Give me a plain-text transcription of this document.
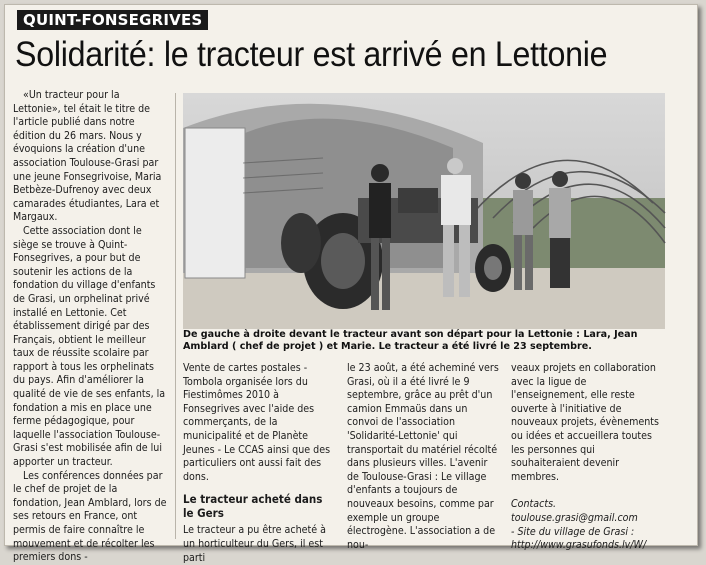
QUINT-FONSEGRIVES
Solidarité: le tracteur est arrivé en Lettonie

«Un tracteur pour la Lettonie», tel était le titre de l'article publié dans notre édition du 26 mars. Nous y évoquions la création d'une association Toulouse-Grasi par une jeune Fonsegrivoise, Maria Betbèze-Dufrenoy avec deux camarades étudiantes, Lara et Margaux.

Cette association dont le siège se trouve à Quint-Fonsegrives, a pour but de soutenir les actions de la fondation du village d'enfants de Grasi, un orphelinat privé installé en Lettonie. Cet établissement dirigé par des Français, obtient le meilleur taux de réussite scolaire par rapport à tous les orphelinats du pays. Afin d'améliorer la qualité de vie de ses enfants, la fondation a mis en place une ferme pédagogique, pour laquelle l'association Toulouse-Grasi s'est mobilisée afin de lui apporter un tracteur.

Les conférences données par le chef de projet de la fondation, Jean Amblard, lors de ses retours en France, ont permis de faire connaître le mouvement et de récolter les premiers dons -

De gauche à droite devant le tracteur avant son départ pour la Lettonie : Lara, Jean Amblard ( chef de projet ) et Marie. Le tracteur a été livré le 23 septembre.

Vente de cartes postales -Tombola organisée lors du Fiestimômes 2010 à Fonsegrives avec l'aide des commerçants, de la municipalité et de Planète Jeunes - Le CCAS ainsi que des particuliers ont aussi fait des dons.

Le tracteur acheté dans le Gers

Le tracteur a pu être acheté à un horticulteur du Gers, il est parti

le 23 août, a été acheminé vers Grasi, où il a été livré le 9 septembre, grâce au prêt d'un camion Emmaüs dans un convoi de l'association 'Solidarité-Lettonie' qui transportait du matériel récolté dans plusieurs villes. L'avenir de Toulouse-Grasi : Le village d'enfants a toujours de nouveaux besoins, comme par exemple un groupe électrogène. L'association a de nou-

veaux projets en collaboration avec la ligue de l'enseignement, elle reste ouverte à l'initiative de nouveaux projets, évènements ou idées et accueillera toutes les personnes qui souhaiteraient devenir membres.

Contacts.

toulouse.grasi@gmail.com

- Site du village de Grasi : http://www.grasufonds.lv/W/
